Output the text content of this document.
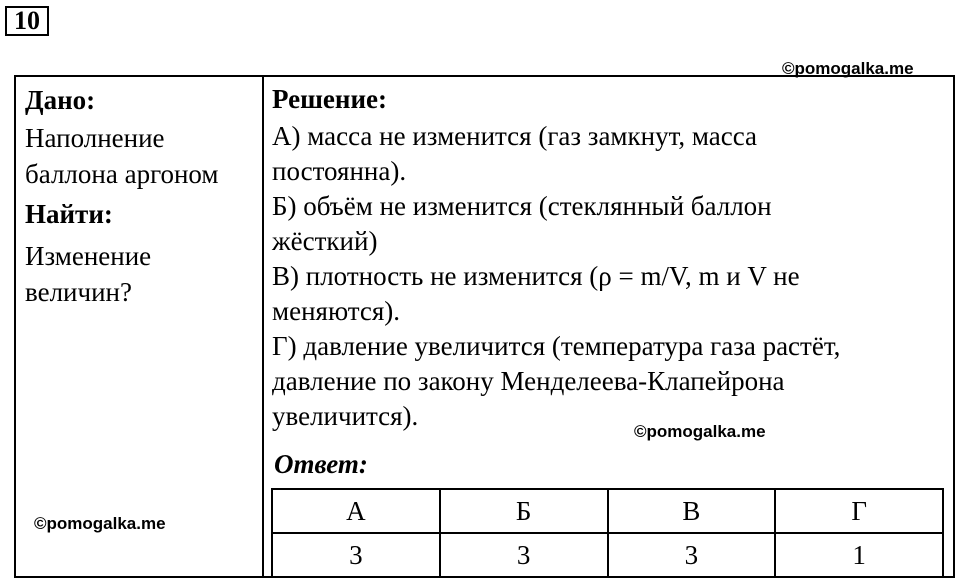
10
©pomogalka.me
Дано:
Наполнение
баллона аргоном
Найти:
Изменение
величин?
Решение:
А) масса не изменится (газ замкнут, масса
постоянна).
Б) объём не изменится (стеклянный баллон
жёсткий)
В) плотность не изменится (ρ = m/V, m и V не
меняются).
Г) давление увеличится (температура газа растёт,
давление по закону Менделеева-Клапейрона
увеличится).
©pomogalka.me
Ответ:
А	Б	В	Г
3	3	3	1
©pomogalka.me
